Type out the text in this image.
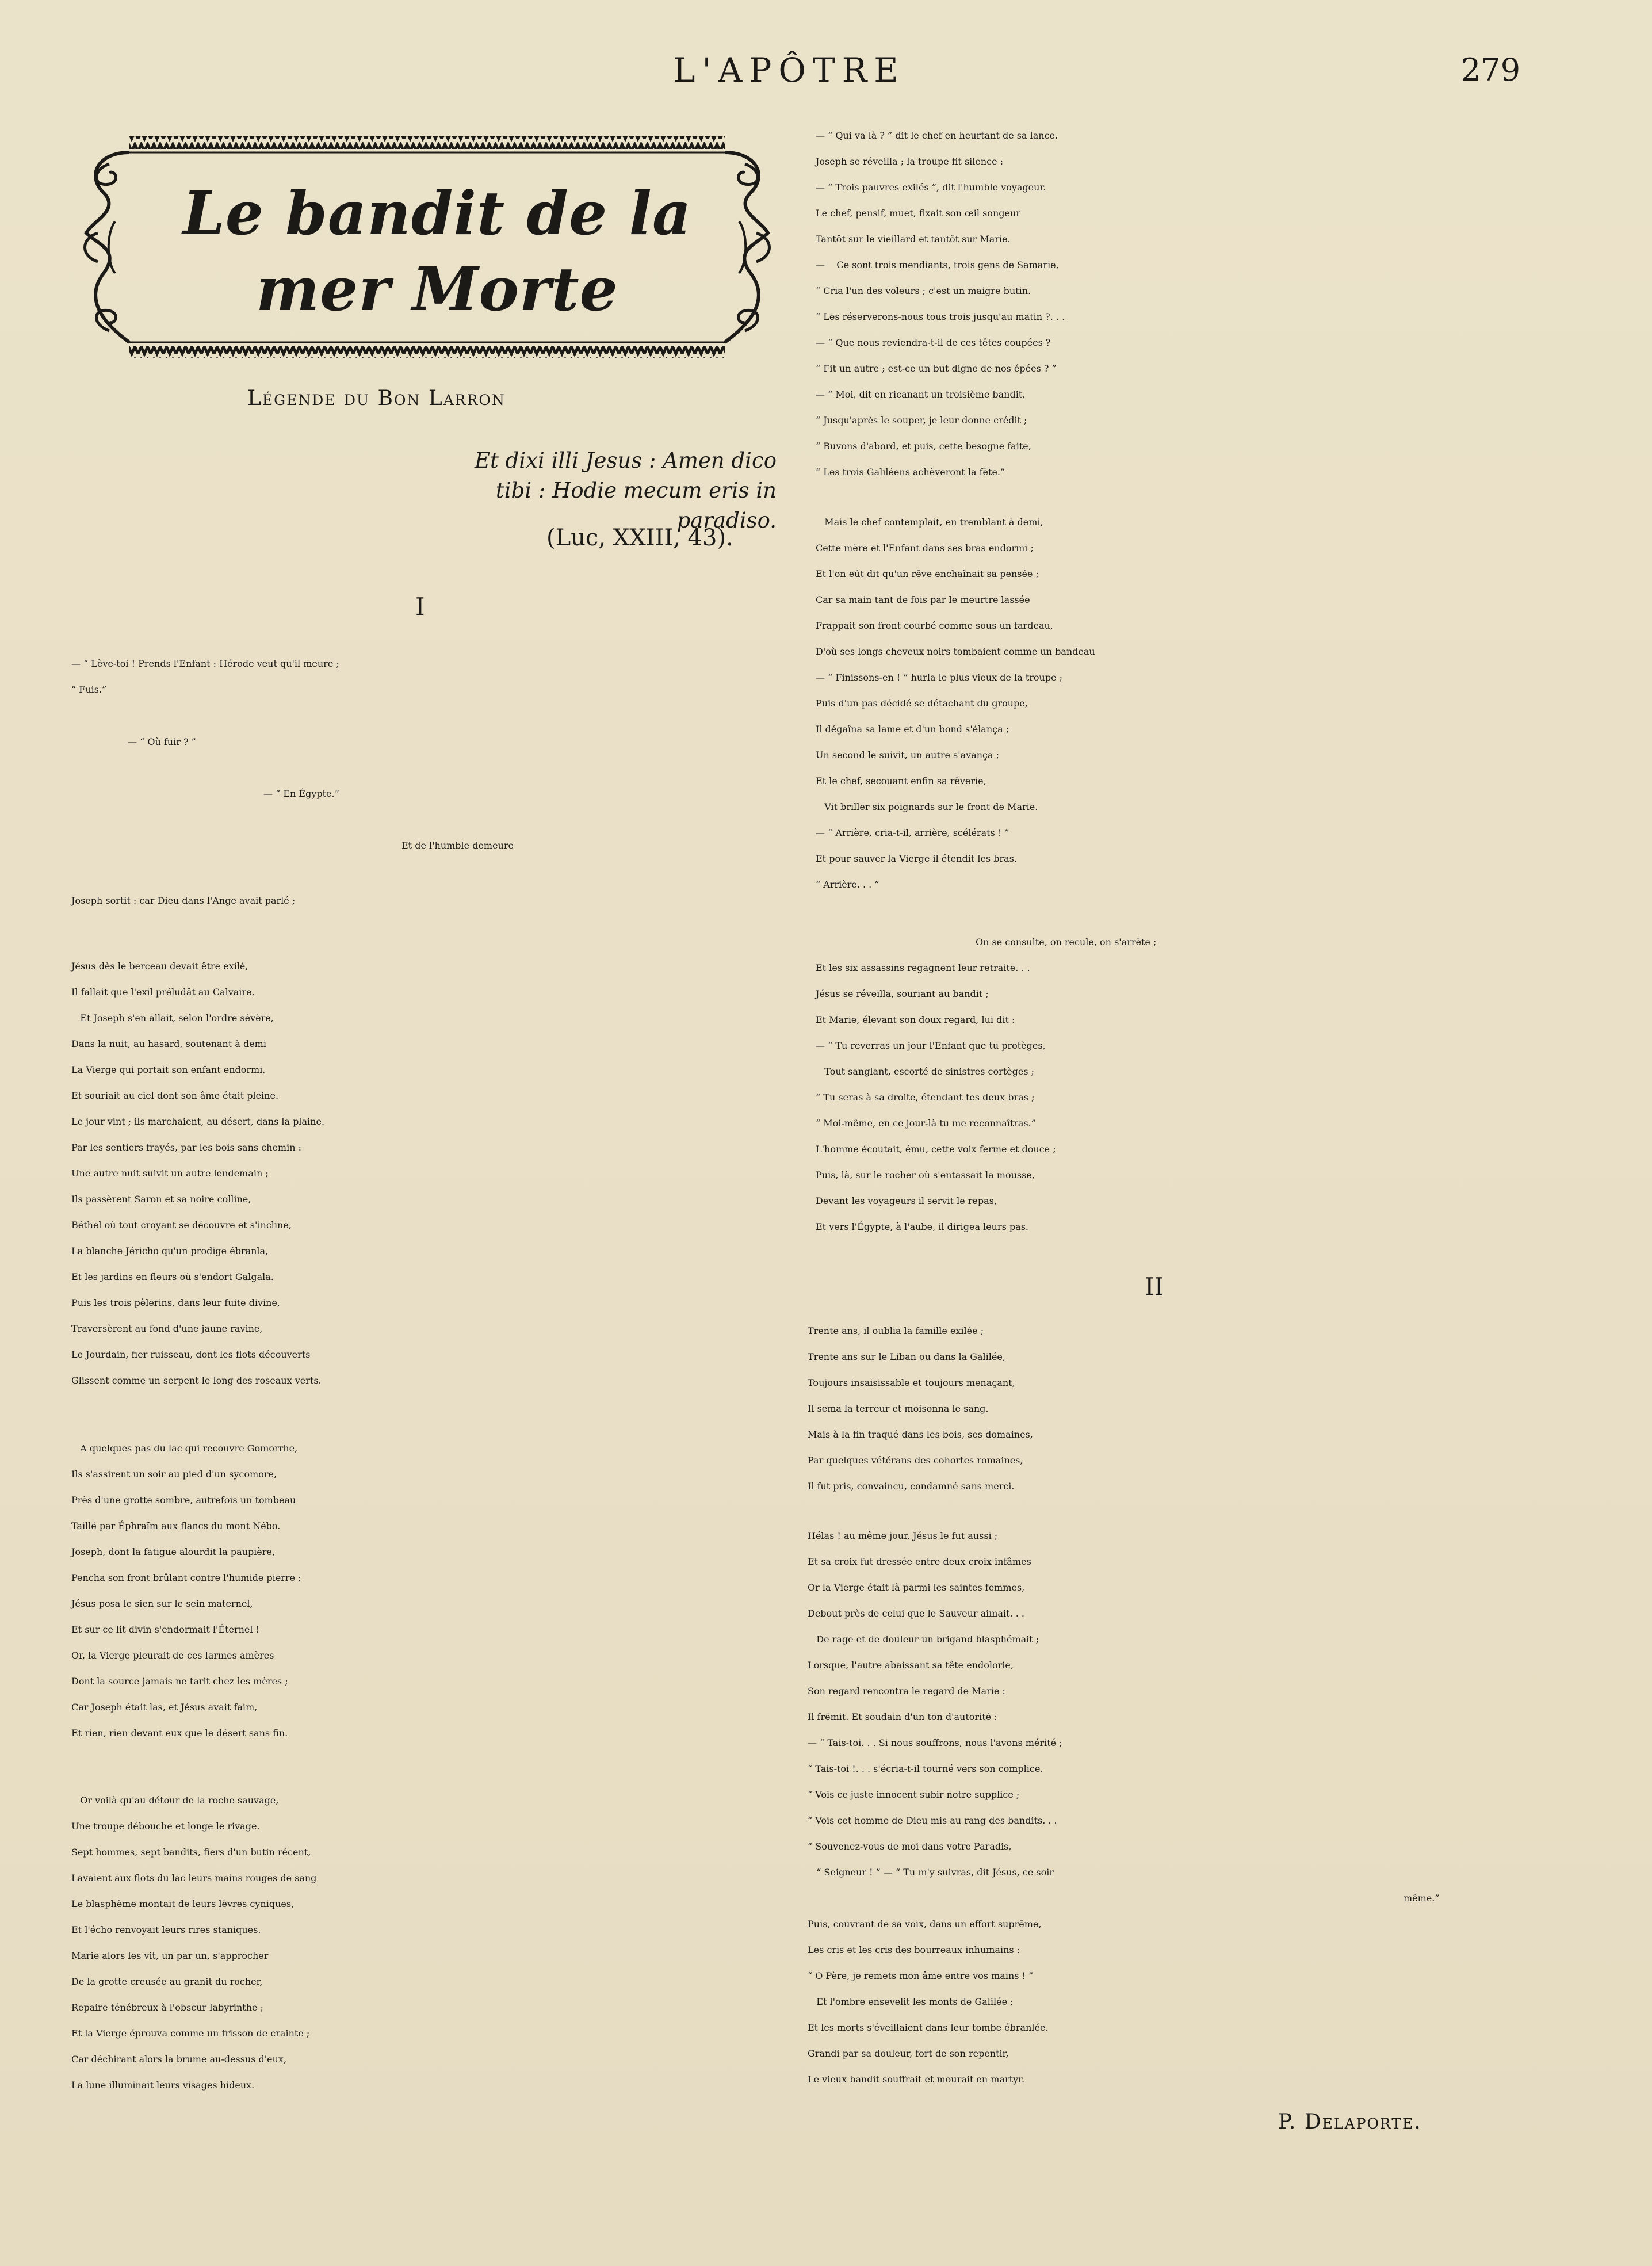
L'APÔTRE	279
Le bandit de la
mer Morte
Légende du Bon Larron
Et dixi illi Jesus : Amen dico
tibi : Hodie mecum eris in paradiso.
(Luc, XXIII, 43).
I
— “ Lève-toi ! Prends l'Enfant : Hérode veut qu'il meure ;
“ Fuis.”
— “ Où fuir ? ”
— “ En Égypte.”
Et de l'humble demeure
Joseph sortit : car Dieu dans l'Ange avait parlé ;
Jésus dès le berceau devait être exilé,
Il fallait que l'exil préludât au Calvaire.
Et Joseph s'en allait, selon l'ordre sévère,
Dans la nuit, au hasard, soutenant à demi
La Vierge qui portait son enfant endormi,
Et souriait au ciel dont son âme était pleine.
Le jour vint ; ils marchaient, au désert, dans la plaine.
Par les sentiers frayés, par les bois sans chemin :
Une autre nuit suivit un autre lendemain ;
Ils passèrent Saron et sa noire colline,
Béthel où tout croyant se découvre et s'incline,
La blanche Jéricho qu'un prodige ébranla,
Et les jardins en fleurs où s'endort Galgala.
Puis les trois pèlerins, dans leur fuite divine,
Traversèrent au fond d'une jaune ravine,
Le Jourdain, fier ruisseau, dont les flots découverts
Glissent comme un serpent le long des roseaux verts.
A quelques pas du lac qui recouvre Gomorrhe,
Ils s'assirent un soir au pied d'un sycomore,
Près d'une grotte sombre, autrefois un tombeau
Taillé par Éphraïm aux flancs du mont Nébo.
Joseph, dont la fatigue alourdit la paupière,
Pencha son front brûlant contre l'humide pierre ;
Jésus posa le sien sur le sein maternel,
Et sur ce lit divin s'endormait l'Éternel !
Or, la Vierge pleurait de ces larmes amères
Dont la source jamais ne tarit chez les mères ;
Car Joseph était las, et Jésus avait faim,
Et rien, rien devant eux que le désert sans fin.
Or voilà qu'au détour de la roche sauvage,
Une troupe débouche et longe le rivage.
Sept hommes, sept bandits, fiers d'un butin récent,
Lavaient aux flots du lac leurs mains rouges de sang
Le blasphème montait de leurs lèvres cyniques,
Et l'écho renvoyait leurs rires staniques.
Marie alors les vit, un par un, s'approcher
De la grotte creusée au granit du rocher,
Repaire ténébreux à l'obscur labyrinthe ;
Et la Vierge éprouva comme un frisson de crainte ;
Car déchirant alors la brume au-dessus d'eux,
La lune illuminait leurs visages hideux.
— “ Qui va là ? ” dit le chef en heurtant de sa lance.
Joseph se réveilla ; la troupe fit silence :
— “ Trois pauvres exilés ”, dit l'humble voyageur.
Le chef, pensif, muet, fixait son œil songeur
Tantôt sur le vieillard et tantôt sur Marie.
—    Ce sont trois mendiants, trois gens de Samarie,
“ Cria l'un des voleurs ; c'est un maigre butin.
“ Les réserverons-nous tous trois jusqu'au matin ?. . .
— “ Que nous reviendra-t-il de ces têtes coupées ?
“ Fit un autre ; est-ce un but digne de nos épées ? ”
— “ Moi, dit en ricanant un troisième bandit,
“ Jusqu'après le souper, je leur donne crédit ;
“ Buvons d'abord, et puis, cette besogne faite,
“ Les trois Galiléens achèveront la fête.”
Mais le chef contemplait, en tremblant à demi,
Cette mère et l'Enfant dans ses bras endormi ;
Et l'on eût dit qu'un rêve enchaînait sa pensée ;
Car sa main tant de fois par le meurtre lassée
Frappait son front courbé comme sous un fardeau,
D'où ses longs cheveux noirs tombaient comme un bandeau
— “ Finissons-en ! ” hurla le plus vieux de la troupe ;
Puis d'un pas décidé se détachant du groupe,
Il dégaîna sa lame et d'un bond s'élança ;
Un second le suivit, un autre s'avança ;
Et le chef, secouant enfin sa rêverie,
Vit briller six poignards sur le front de Marie.
— “ Arrière, cria-t-il, arrière, scélérats ! ”
Et pour sauver la Vierge il étendit les bras.
“ Arrière. . . ”
On se consulte, on recule, on s'arrête ;
Et les six assassins regagnent leur retraite. . .
Jésus se réveilla, souriant au bandit ;
Et Marie, élevant son doux regard, lui dit :
— “ Tu reverras un jour l'Enfant que tu protèges,
Tout sanglant, escorté de sinistres cortèges ;
“ Tu seras à sa droite, étendant tes deux bras ;
“ Moi-même, en ce jour-là tu me reconnaîtras.”
L'homme écoutait, ému, cette voix ferme et douce ;
Puis, là, sur le rocher où s'entassait la mousse,
Devant les voyageurs il servit le repas,
Et vers l'Égypte, à l'aube, il dirigea leurs pas.
II
Trente ans, il oublia la famille exilée ;
Trente ans sur le Liban ou dans la Galilée,
Toujours insaisissable et toujours menaçant,
Il sema la terreur et moisonna le sang.
Mais à la fin traqué dans les bois, ses domaines,
Par quelques vétérans des cohortes romaines,
Il fut pris, convaincu, condamné sans merci.
Hélas ! au même jour, Jésus le fut aussi ;
Et sa croix fut dressée entre deux croix infâmes
Or la Vierge était là parmi les saintes femmes,
Debout près de celui que le Sauveur aimait. . .
De rage et de douleur un brigand blasphémait ;
Lorsque, l'autre abaissant sa tête endolorie,
Son regard rencontra le regard de Marie :
Il frémit. Et soudain d'un ton d'autorité :
— “ Tais-toi. . . Si nous souffrons, nous l'avons mérité ;
“ Tais-toi !. . . s'écria-t-il tourné vers son complice.
“ Vois ce juste innocent subir notre supplice ;
“ Vois cet homme de Dieu mis au rang des bandits. . .
“ Souvenez-vous de moi dans votre Paradis,
“ Seigneur ! ” — “ Tu m'y suivras, dit Jésus, ce soir
même.”
Puis, couvrant de sa voix, dans un effort suprême,
Les cris et les cris des bourreaux inhumains :
“ O Père, je remets mon âme entre vos mains ! ”
Et l'ombre ensevelit les monts de Galilée ;
Et les morts s'éveillaient dans leur tombe ébranlée.
Grandi par sa douleur, fort de son repentir,
Le vieux bandit souffrait et mourait en martyr.
P. Delaporte.
